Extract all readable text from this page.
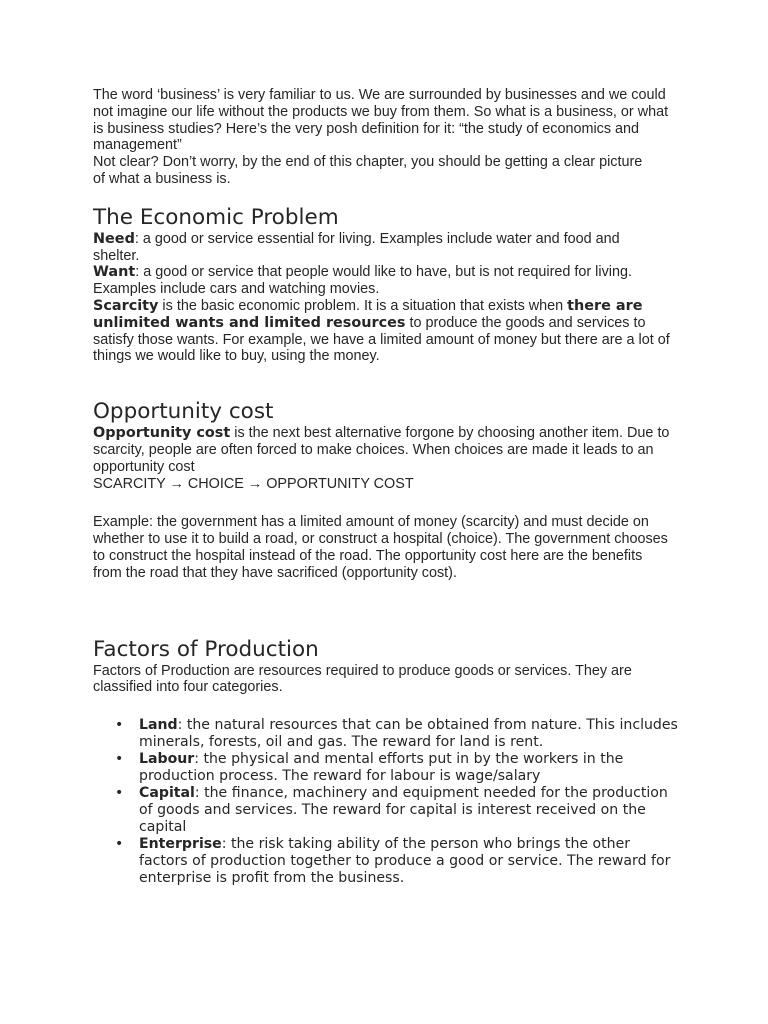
The word ‘business’ is very familiar to us. We are surrounded by businesses and we could not imagine our life without the products we buy from them. So what is a business, or what is business studies? Here’s the very posh definition for it: “the study of economics and management”

Not clear? Don’t worry, by the end of this chapter, you should be getting a clear picture of what a business is.

The Economic Problem

Need: a good or service essential for living. Examples include water and food and shelter.

Want: a good or service that people would like to have, but is not required for living. Examples include cars and watching movies.

Scarcity is the basic economic problem. It is a situation that exists when there are unlimited wants and limited resources to produce the goods and services to satisfy those wants. For example, we have a limited amount of money but there are a lot of things we would like to buy, using the money.

Opportunity cost

Opportunity cost is the next best alternative forgone by choosing another item. Due to scarcity, people are often forced to make choices. When choices are made it leads to an opportunity cost

SCARCITY → CHOICE → OPPORTUNITY COST

Example: the government has a limited amount of money (scarcity) and must decide on whether to use it to build a road, or construct a hospital (choice). The government chooses to construct the hospital instead of the road. The opportunity cost here are the benefits from the road that they have sacrificed (opportunity cost).

Factors of Production

Factors of Production are resources required to produce goods or services. They are classified into four categories.

• Land: the natural resources that can be obtained from nature. This includes minerals, forests, oil and gas. The reward for land is rent.
• Labour: the physical and mental efforts put in by the workers in the production process. The reward for labour is wage/salary
• Capital: the finance, machinery and equipment needed for the production of goods and services. The reward for capital is interest received on the capital
• Enterprise: the risk taking ability of the person who brings the other factors of production together to produce a good or service. The reward for enterprise is profit from the business.
